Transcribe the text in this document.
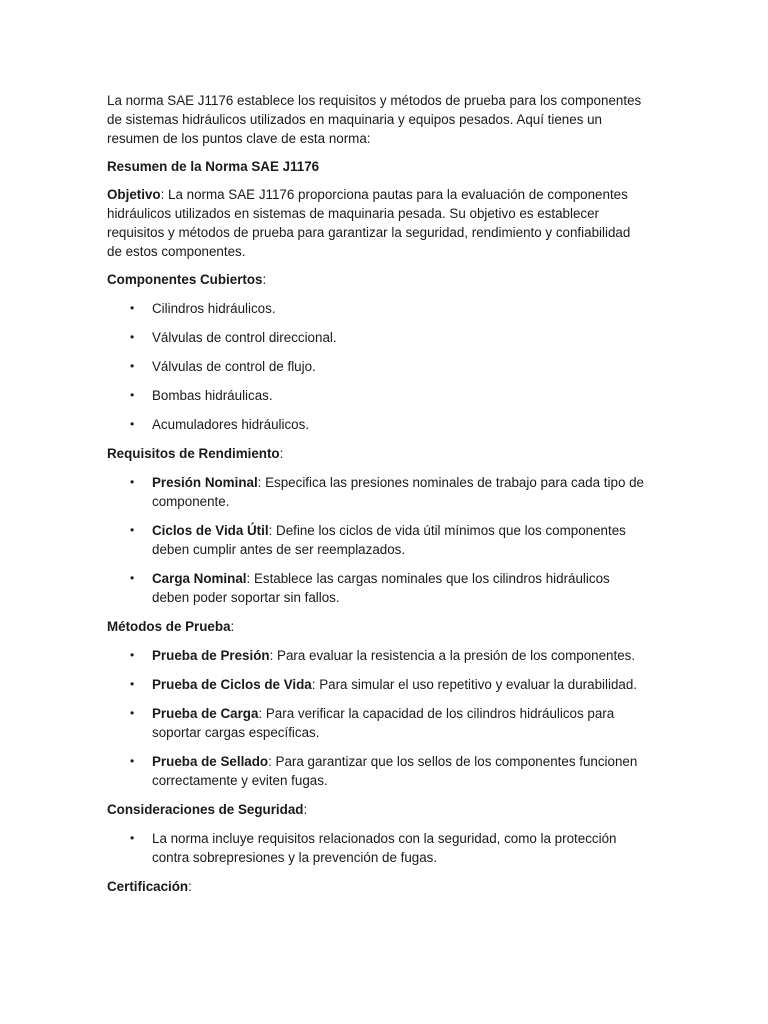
La norma SAE J1176 establece los requisitos y métodos de prueba para los componentes de sistemas hidráulicos utilizados en maquinaria y equipos pesados. Aquí tienes un resumen de los puntos clave de esta norma:

Resumen de la Norma SAE J1176

Objetivo: La norma SAE J1176 proporciona pautas para la evaluación de componentes hidráulicos utilizados en sistemas de maquinaria pesada. Su objetivo es establecer requisitos y métodos de prueba para garantizar la seguridad, rendimiento y confiabilidad de estos componentes.

Componentes Cubiertos:

• Cilindros hidráulicos.
• Válvulas de control direccional.
• Válvulas de control de flujo.
• Bombas hidráulicas.
• Acumuladores hidráulicos.

Requisitos de Rendimiento:

• Presión Nominal: Especifica las presiones nominales de trabajo para cada tipo de componente.
• Ciclos de Vida Útil: Define los ciclos de vida útil mínimos que los componentes deben cumplir antes de ser reemplazados.
• Carga Nominal: Establece las cargas nominales que los cilindros hidráulicos deben poder soportar sin fallos.

Métodos de Prueba:

• Prueba de Presión: Para evaluar la resistencia a la presión de los componentes.
• Prueba de Ciclos de Vida: Para simular el uso repetitivo y evaluar la durabilidad.
• Prueba de Carga: Para verificar la capacidad de los cilindros hidráulicos para soportar cargas específicas.
• Prueba de Sellado: Para garantizar que los sellos de los componentes funcionen correctamente y eviten fugas.

Consideraciones de Seguridad:

• La norma incluye requisitos relacionados con la seguridad, como la protección contra sobrepresiones y la prevención de fugas.

Certificación:
